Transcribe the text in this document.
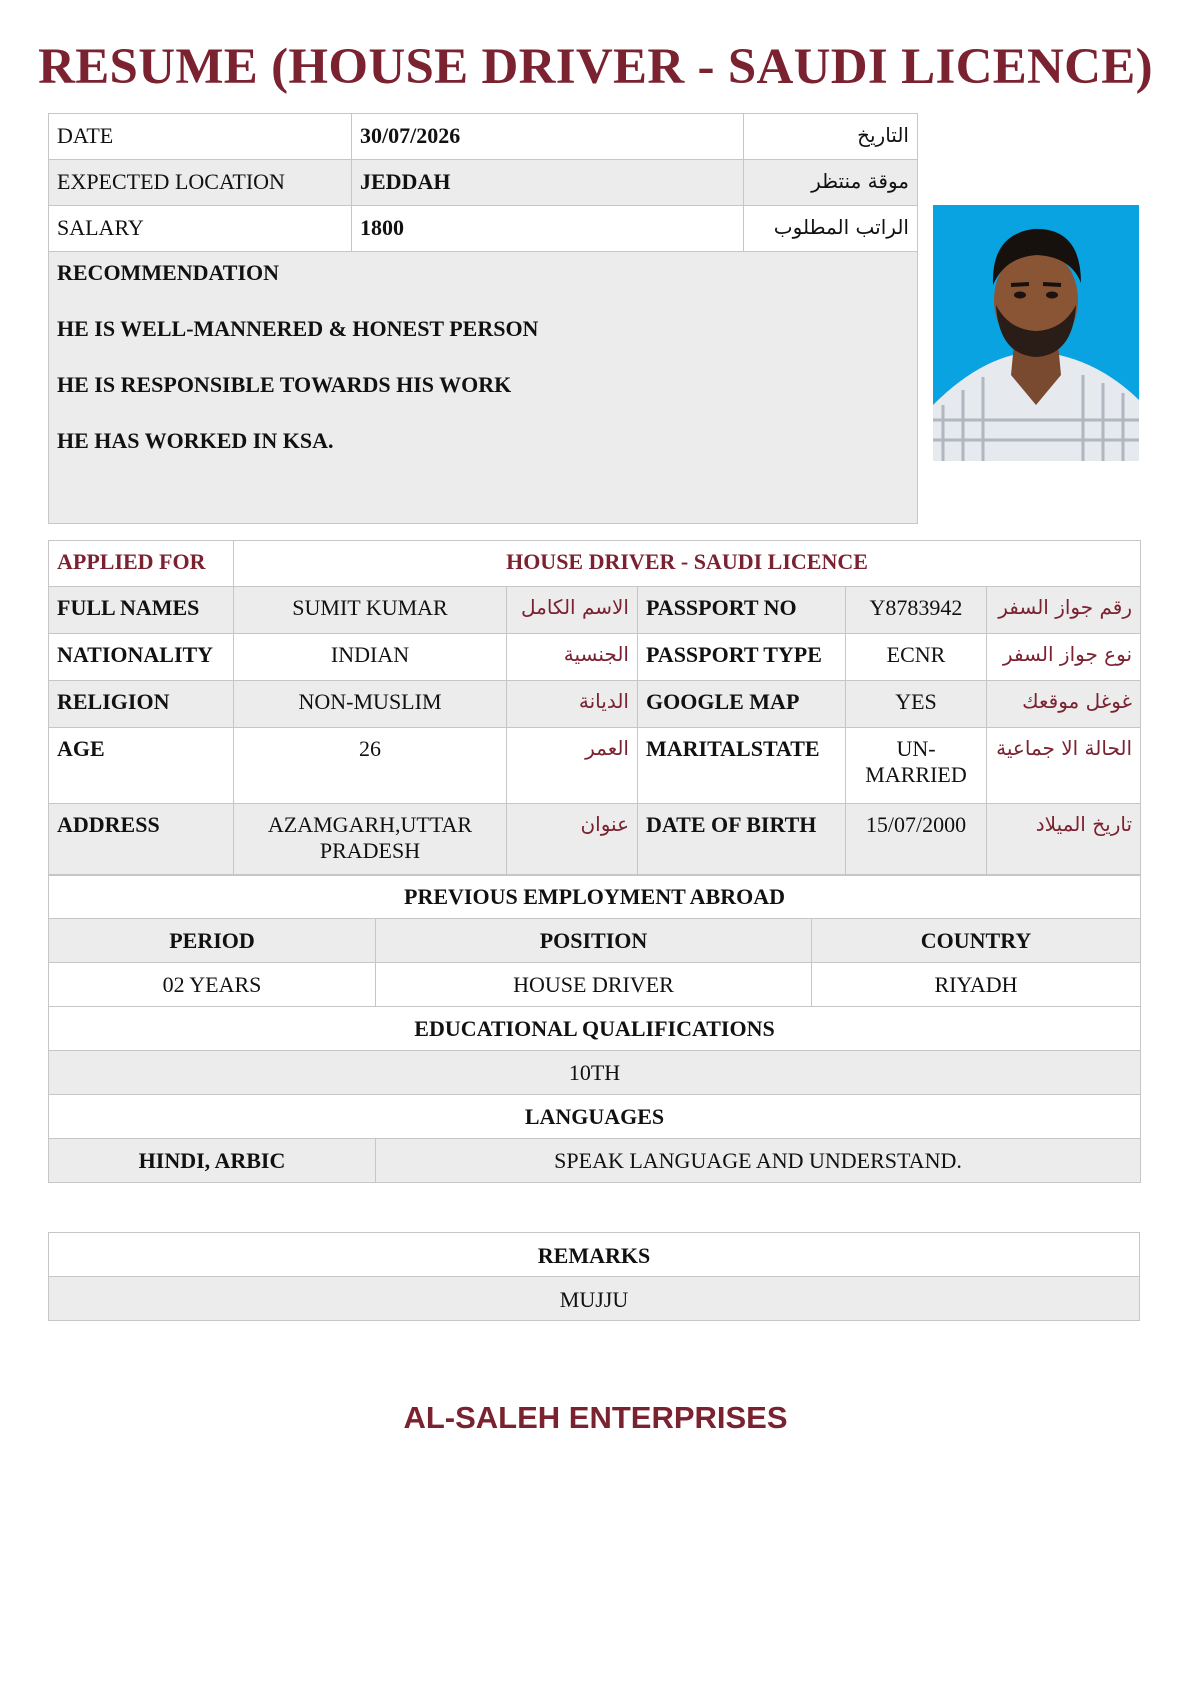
RESUME (HOUSE DRIVER - SAUDI LICENCE)
DATE	30/07/2026	التاريخ
EXPECTED LOCATION	JEDDAH	موقة منتظر
SALARY	1800	الراتب المطلوب

RECOMMENDATION
HE IS WELL-MANNERED & HONEST PERSON
HE IS RESPONSIBLE TOWARDS HIS WORK
HE HAS WORKED IN KSA.		
APPLIED FOR	HOUSE DRIVER - SAUDI LICENCE				
FULL NAMES	SUMIT KUMAR	الاسم الكامل	PASSPORT NO	Y8783942	رقم جواز السفر
NATIONALITY	INDIAN	الجنسية	PASSPORT TYPE	ECNR	نوع جواز السفر
RELIGION	NON-MUSLIM	الديانة	GOOGLE MAP	YES	غوغل موقعك
AGE	26	العمر	MARITALSTATE	UN-MARRIED	الحالة الا جماعية
ADDRESS	AZAMGARH,UTTAR PRADESH	عنوان	DATE OF BIRTH	15/07/2000	تاريخ الميلاد
PREVIOUS EMPLOYMENT ABROAD		
PERIOD	POSITION	COUNTRY
02 YEARS	HOUSE DRIVER	RIYADH
EDUCATIONAL QUALIFICATIONS		
10TH		
LANGUAGES		
HINDI, ARBIC	SPEAK LANGUAGE AND UNDERSTAND.	
REMARKS
MUJJU
AL-SALEH ENTERPRISES
